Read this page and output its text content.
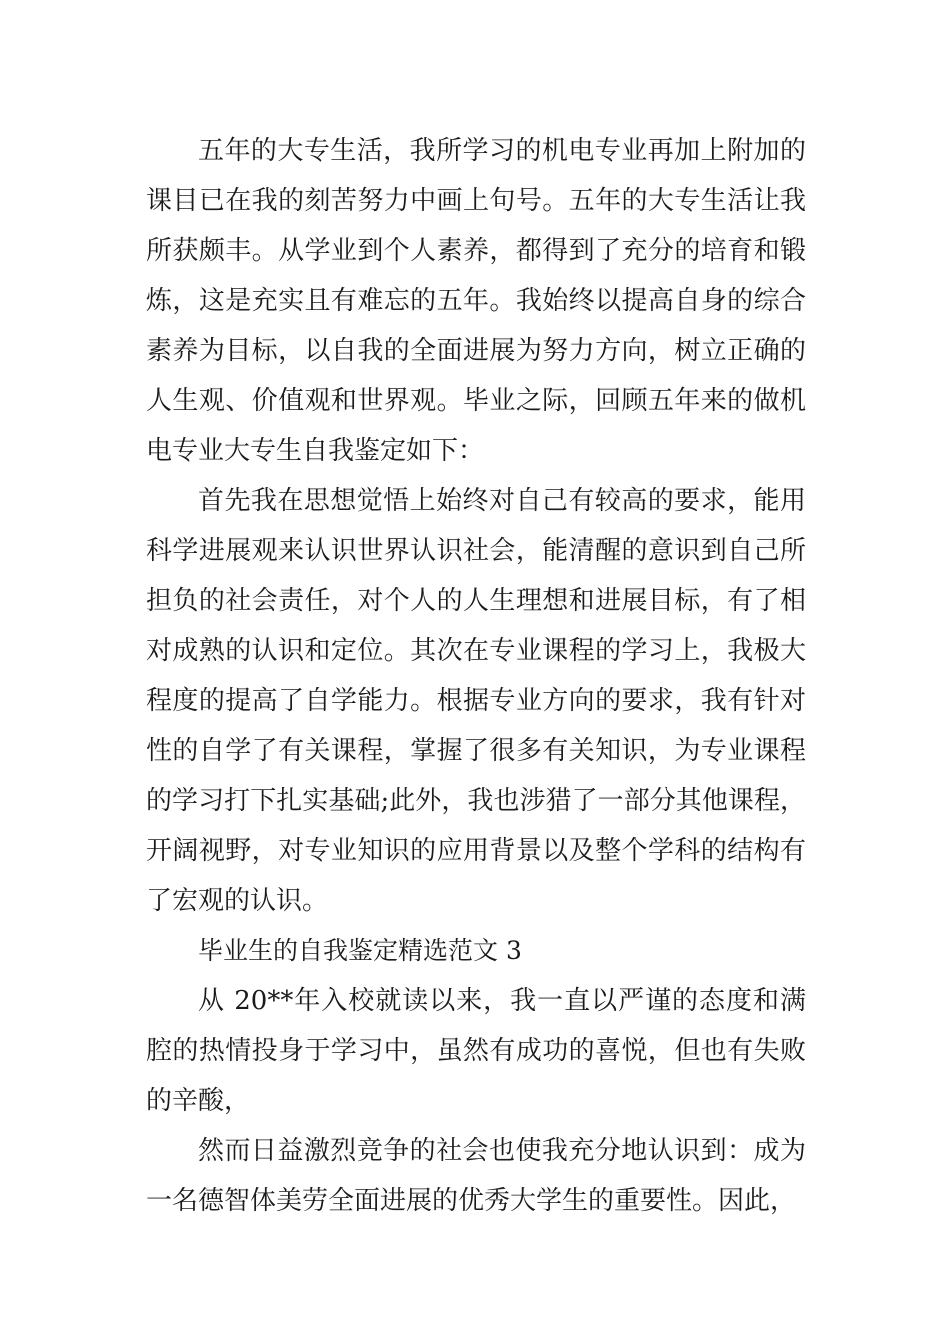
五年的大专生活，我所学习的机电专业再加上附加的课目已在我的刻苦努力中画上句号。五年的大专生活让我所获颇丰。从学业到个人素养，都得到了充分的培育和锻炼，这是充实且有难忘的五年。我始终以提高自身的综合素养为目标，以自我的全面进展为努力方向，树立正确的人生观、价值观和世界观。毕业之际，回顾五年来的做机电专业大专生自我鉴定如下：

首先我在思想觉悟上始终对自己有较高的要求，能用科学进展观来认识世界认识社会，能清醒的意识到自己所担负的社会责任，对个人的人生理想和进展目标，有了相对成熟的认识和定位。其次在专业课程的学习上，我极大程度的提高了自学能力。根据专业方向的要求，我有针对性的自学了有关课程，掌握了很多有关知识，为专业课程的学习打下扎实基础;此外，我也涉猎了一部分其他课程，开阔视野，对专业知识的应用背景以及整个学科的结构有了宏观的认识。

毕业生的自我鉴定精选范文 3

从 20**年入校就读以来，我一直以严谨的态度和满腔的热情投身于学习中，虽然有成功的喜悦，但也有失败的辛酸，

然而日益激烈竞争的社会也使我充分地认识到：成为一名德智体美劳全面进展的优秀大学生的重要性。因此，
